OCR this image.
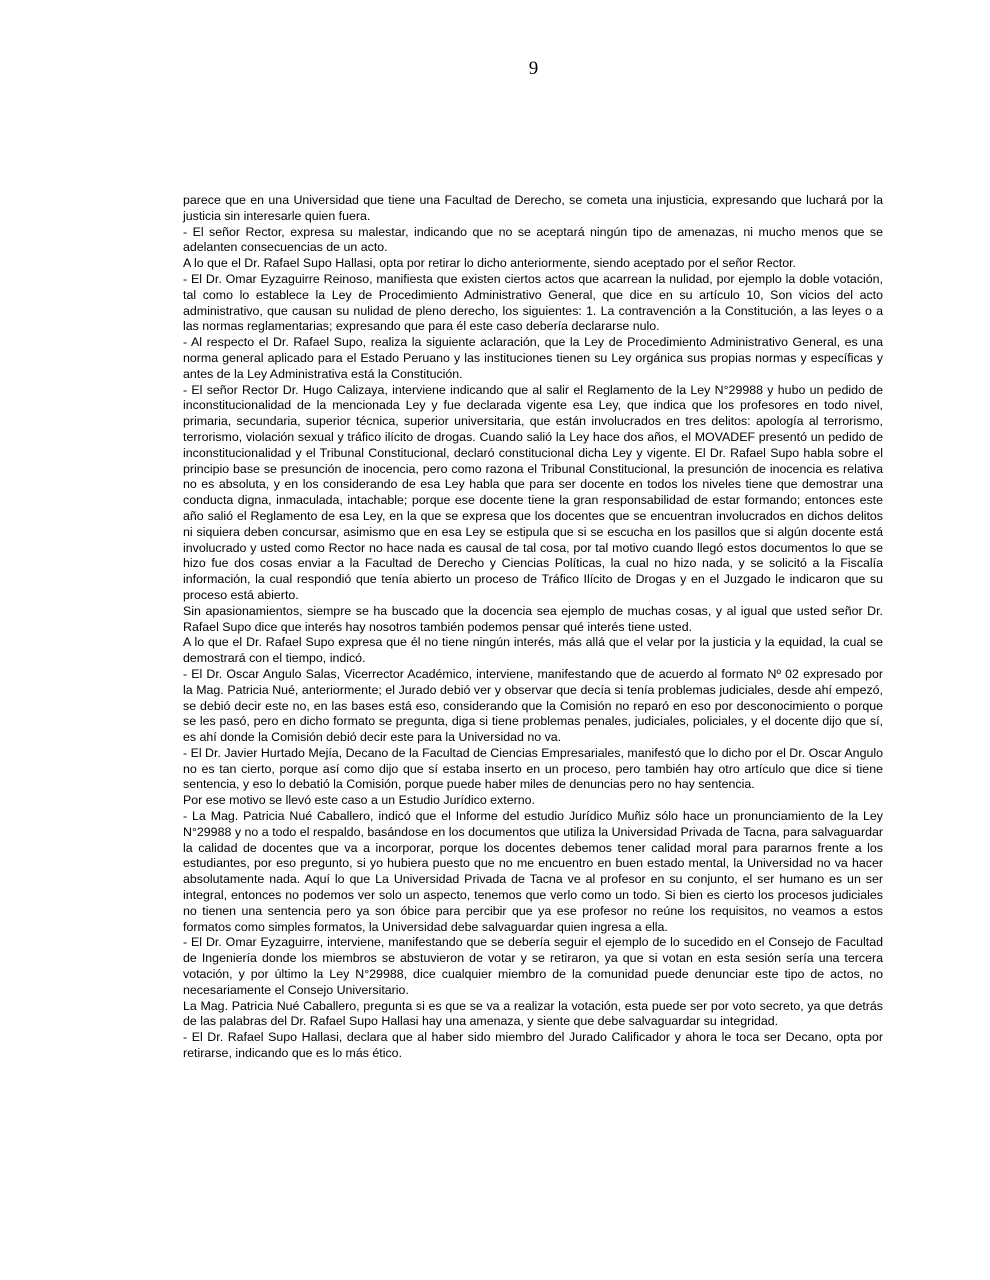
9

parece que en una Universidad que tiene una Facultad de Derecho, se cometa una injusticia, expresando que luchará por la justicia sin interesarle quien fuera.

- El señor Rector, expresa su malestar, indicando que no se aceptará ningún tipo de amenazas, ni mucho menos que se adelanten consecuencias de un acto.

A lo que el Dr. Rafael Supo Hallasi, opta por retirar lo dicho anteriormente, siendo aceptado por el señor Rector.

- El Dr. Omar Eyzaguirre Reinoso, manifiesta que existen ciertos actos que acarrean la nulidad, por ejemplo la doble votación, tal como lo establece la Ley de Procedimiento Administrativo General, que dice en su artículo 10, Son vicios del acto administrativo, que causan su nulidad de pleno derecho, los siguientes: 1. La contravención a la Constitución, a las leyes o a las normas reglamentarias; expresando que para él este caso debería declararse nulo.

- Al respecto el Dr. Rafael Supo, realiza la siguiente aclaración, que la Ley de Procedimiento Administrativo General, es una norma general aplicado para el Estado Peruano y las instituciones tienen su Ley orgánica sus propias normas y específicas y antes de la Ley Administrativa está la Constitución.

- El señor Rector Dr. Hugo Calizaya, interviene indicando que al salir el Reglamento de la Ley N°29988 y hubo un pedido de inconstitucionalidad de la mencionada Ley y fue declarada vigente esa Ley, que indica que los profesores en todo nivel, primaria, secundaria, superior técnica, superior universitaria, que están involucrados en tres delitos: apología al terrorismo, terrorismo, violación sexual y tráfico ilícito de drogas. Cuando salió la Ley hace dos años, el MOVADEF presentó un pedido de inconstitucionalidad y el Tribunal Constitucional, declaró constitucional dicha Ley y vigente. El Dr. Rafael Supo habla sobre el principio base se presunción de inocencia, pero como razona el Tribunal Constitucional, la presunción de inocencia es relativa no es absoluta, y en los considerando de esa Ley habla que para ser docente en todos los niveles tiene que demostrar una conducta digna, inmaculada, intachable; porque ese docente tiene la gran responsabilidad de estar formando; entonces este año salió el Reglamento de esa Ley, en la que se expresa que los docentes que se encuentran involucrados en dichos delitos ni siquiera deben concursar, asimismo que en esa Ley se estipula que si se escucha en los pasillos que si algún docente está involucrado y usted como Rector no hace nada es causal de tal cosa, por tal motivo cuando llegó estos documentos lo que se hizo fue dos cosas enviar a la Facultad de Derecho y Ciencias Políticas, la cual no hizo nada, y se solicitó a la Fiscalía información, la cual respondió que tenía abierto un proceso de Tráfico Ilícito de Drogas y en el Juzgado le indicaron que su proceso está abierto.

Sin apasionamientos, siempre se ha buscado que la docencia sea ejemplo de muchas cosas, y al igual que usted señor Dr. Rafael Supo dice que interés hay nosotros también podemos pensar qué interés tiene usted.

A lo que el Dr. Rafael Supo expresa que él no tiene ningún interés, más allá que el velar por la justicia y la equidad, la cual se demostrará con el tiempo, indicó.

- El Dr. Oscar Angulo Salas, Vicerrector Académico, interviene, manifestando que de acuerdo al formato Nº 02 expresado por la Mag. Patricia Nué, anteriormente; el Jurado debió ver y observar que decía si tenía problemas judiciales, desde ahí empezó, se debió decir este no, en las bases está eso, considerando que la Comisión no reparó en eso por desconocimiento o porque se les pasó, pero en dicho formato se pregunta, diga si tiene problemas penales, judiciales, policiales, y el docente dijo que sí, es ahí donde la Comisión debió decir este para la Universidad no va.

- El Dr. Javier Hurtado Mejía, Decano de la Facultad de Ciencias Empresariales, manifestó que lo dicho por el Dr. Oscar Angulo no es tan cierto, porque así como dijo que sí estaba inserto en un proceso, pero también hay otro artículo que dice si tiene sentencia, y eso lo debatió la Comisión, porque puede haber miles de denuncias pero no hay sentencia.

Por ese motivo se llevó este caso a un Estudio Jurídico externo.

- La Mag. Patricia Nué Caballero, indicó que el Informe del estudio Jurídico Muñiz sólo hace un pronunciamiento de la Ley N°29988 y no a todo el respaldo, basándose en los documentos que utiliza la Universidad Privada de Tacna, para salvaguardar la calidad de docentes que va a incorporar, porque los docentes debemos tener calidad moral para pararnos frente a los estudiantes, por eso pregunto, si yo hubiera puesto que no me encuentro en buen estado mental, la Universidad no va hacer absolutamente nada. Aquí lo que La Universidad Privada de Tacna ve al profesor en su conjunto, el ser humano es un ser integral, entonces no podemos ver solo un aspecto, tenemos que verlo como un todo. Si bien es cierto los procesos judiciales no tienen una sentencia pero ya son óbice para percibir que ya ese profesor no reúne los requisitos, no veamos a estos formatos como simples formatos, la Universidad debe salvaguardar quien ingresa a ella.

- El Dr. Omar Eyzaguirre, interviene, manifestando que se debería seguir el ejemplo de lo sucedido en el Consejo de Facultad de Ingeniería donde los miembros se abstuvieron de votar y se retiraron, ya que si votan en esta sesión sería una tercera votación, y por último la Ley N°29988, dice cualquier miembro de la comunidad puede denunciar este tipo de actos, no necesariamente el Consejo Universitario.

La Mag. Patricia Nué Caballero, pregunta si es que se va a realizar la votación, esta puede ser por voto secreto, ya que detrás de las palabras del Dr. Rafael Supo Hallasi hay una amenaza, y siente que debe salvaguardar su integridad.

- El Dr. Rafael Supo Hallasi, declara que al haber sido miembro del Jurado Calificador y ahora le toca ser Decano, opta por retirarse, indicando que es lo más ético.
